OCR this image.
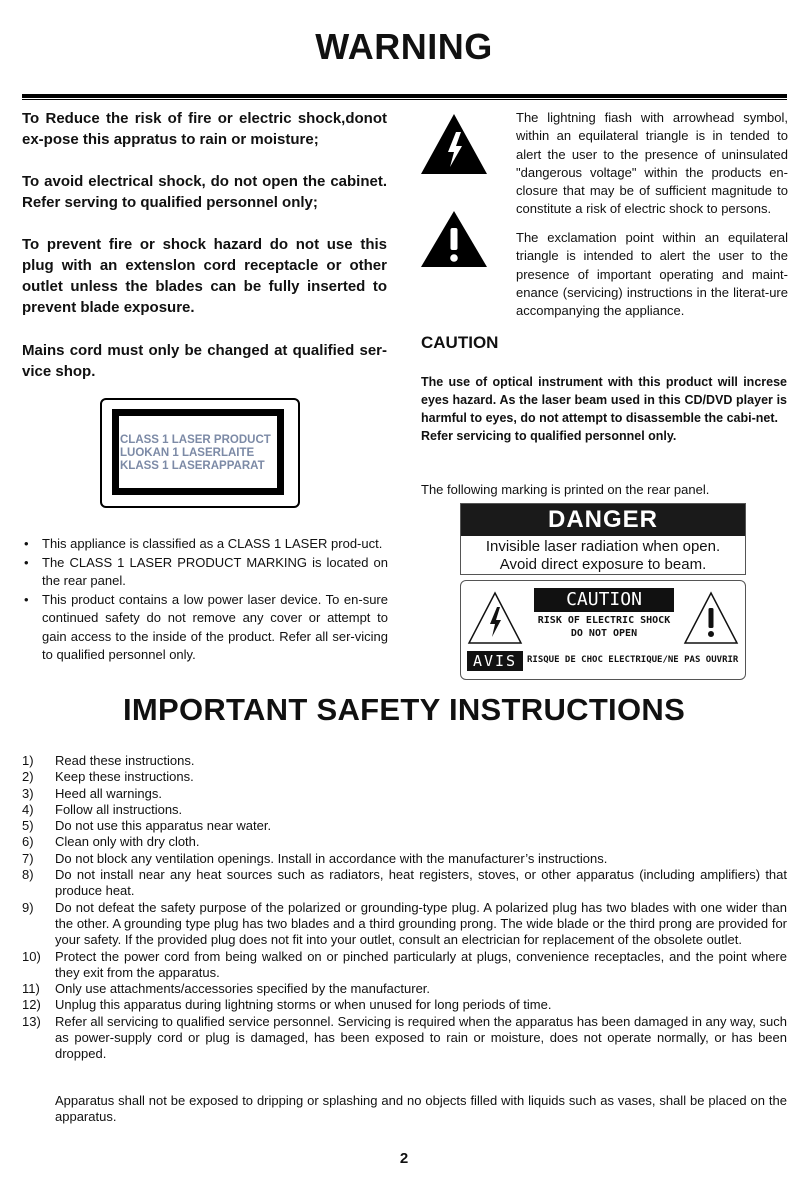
WARNING

To Reduce the risk of fire or electric shock,donot ex-pose this appratus to rain or moisture;

To avoid electrical shock, do not open the cabinet. Refer serving to qualified personnel only;

To prevent fire or shock hazard do not use this plug with an extenslon cord receptacle or other outlet unless the blades can be fully inserted to prevent blade exposure.

Mains cord must only be changed at qualified ser-vice shop.

CLASS 1 LASER PRODUCT
LUOKAN 1 LASERLAITE
KLASS 1 LASERAPPARAT
• This appliance is classified as a CLASS 1 LASER prod-uct.
• The CLASS 1 LASER PRODUCT MARKING is located on the rear panel.
• This product contains a low power laser device. To en-sure continued safety do not remove any cover or attempt to gain access to the inside of the product. Refer all ser-vicing to qualified personnel only.

The lightning fiash with arrowhead symbol, within an equilateral triangle is in tended to alert the user to the presence of uninsulated "dangerous voltage" within the products en-closure that may be of sufficient magnitude to constitute a risk of electric shock to persons.

The exclamation point within an equilateral triangle is intended to alert the user to the presence of important operating and maint-enance (servicing) instructions in the literat-ure accompanying the appliance.

CAUTION
The use of optical instrument with this product will increse eyes hazard. As the laser beam used in this CD/DVD player is harmful to eyes, do not attempt to disassemble the cabi-net.
Refer servicing to qualified personnel only.
The following marking is printed on the rear panel.
DANGER
Invisible laser radiation when open.
Avoid direct exposure to beam.
CAUTION
RISK OF ELECTRIC SHOCK
DO NOT OPEN
AVIS	RISQUE DE CHOC ELECTRIQUE/NE PAS OUVRIR
IMPORTANT SAFETY INSTRUCTIONS
1) Read these instructions.
2) Keep these instructions.
3) Heed all warnings.
4) Follow all instructions.
5) Do not use this apparatus near water.
6) Clean only with dry cloth.
7) Do not block any ventilation openings. Install in accordance with the manufacturer’s instructions.
8) Do not install near any heat sources such as radiators, heat registers, stoves, or other apparatus (including amplifiers) that produce heat.
9) Do not defeat the safety purpose of the polarized or grounding-type plug. A polarized plug has two blades with one wider than the other. A grounding type plug has two blades and a third grounding prong. The wide blade or the third prong are provided for your safety. If the provided plug does not fit into your outlet, consult an electrician for replacement of the obsolete outlet.
10) Protect the power cord from being walked on or pinched particularly at plugs, convenience receptacles, and the point where they exit from the apparatus.
11) Only use attachments/accessories specified by the manufacturer.
12) Unplug this apparatus during lightning storms or when unused for long periods of time.
13) Refer all servicing to qualified service personnel. Servicing is required when the apparatus has been damaged in any way, such as power-supply cord or plug is damaged, has been exposed to rain or moisture, does not operate normally, or has been dropped.

Apparatus shall not be exposed to dripping or splashing and no objects filled with liquids such as vases, shall be placed on the apparatus.

2
